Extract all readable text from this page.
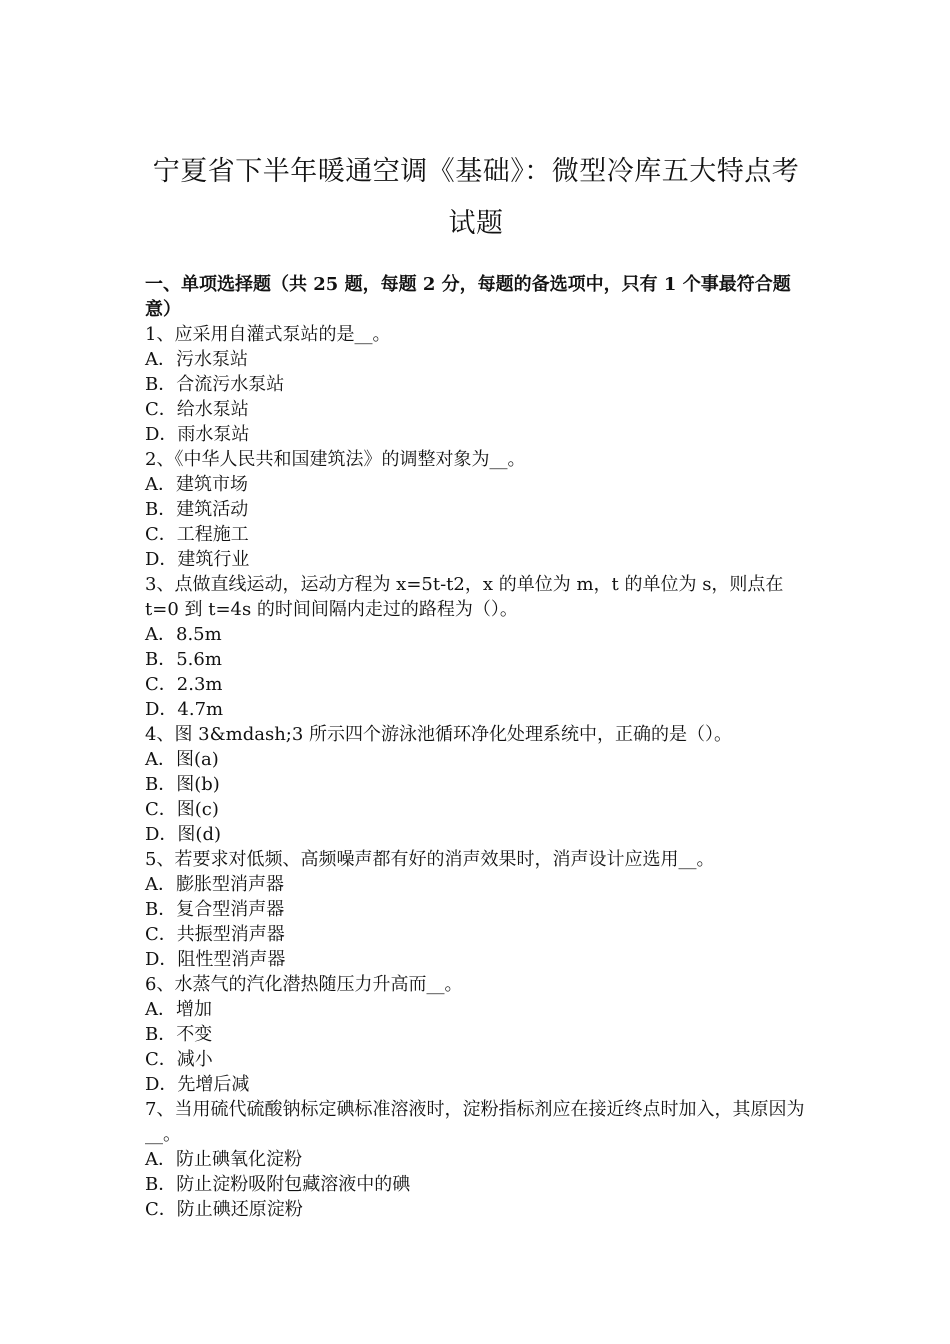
宁夏省下半年暖通空调《基础》：微型冷库五大特点考试题

一、单项选择题（共 25 题，每题 2 分，每题的备选项中，只有 1 个事最符合题意）

1、应采用自灌式泵站的是__。

A．污水泵站

B．合流污水泵站

C．给水泵站

D．雨水泵站

2、《中华人民共和国建筑法》的调整对象为__。

A．建筑市场

B．建筑活动

C．工程施工

D．建筑行业

3、点做直线运动，运动方程为 x=5t-t2，x 的单位为 m，t 的单位为 s，则点在 t=0 到 t=4s 的时间间隔内走过的路程为（）。

A．8.5m

B．5.6m

C．2.3m

D．4.7m

4、图 3&mdash;3 所示四个游泳池循环净化处理系统中，正确的是（）。

A．图(a)

B．图(b)

C．图(c)

D．图(d)

5、若要求对低频、高频噪声都有好的消声效果时，消声设计应选用__。

A．膨胀型消声器

B．复合型消声器

C．共振型消声器

D．阻性型消声器

6、水蒸气的汽化潜热随压力升高而__。

A．增加

B．不变

C．减小

D．先增后减

7、当用硫代硫酸钠标定碘标准溶液时，淀粉指标剂应在接近终点时加入，其原因为__。

A．防止碘氧化淀粉

B．防止淀粉吸附包藏溶液中的碘

C．防止碘还原淀粉
